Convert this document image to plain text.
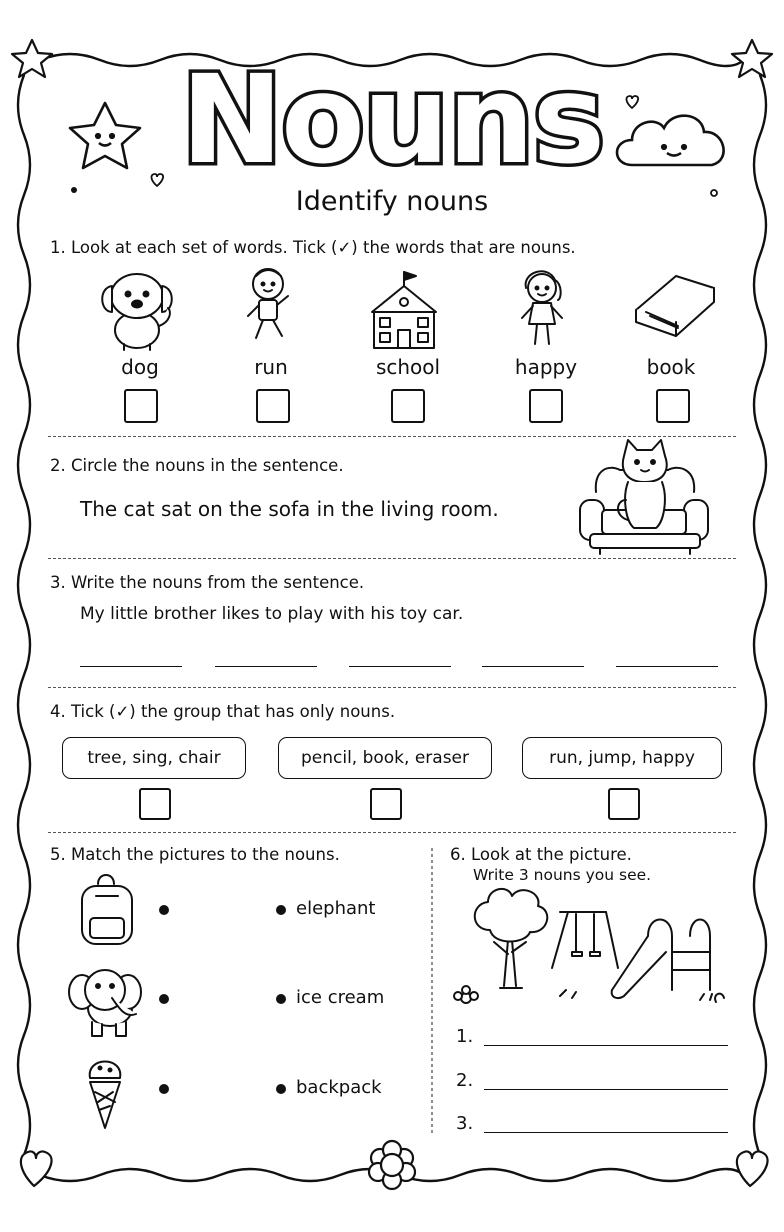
Nouns
Identify nouns
1. Look at each set of words. Tick (✓) the words that are nouns.
dog	run	school	happy	book
2. Circle the nouns in the sentence.
The cat sat on the sofa in the living room.
3. Write the nouns from the sentence.
My little brother likes to play with his toy car.
4. Tick (✓) the group that has only nouns.
tree, sing, chair	pencil, book, eraser	run, jump, happy
5. Match the pictures to the nouns.
elephant
ice cream
backpack
6. Look at the picture.
Write 3 nouns you see.
1.
2.
3.
